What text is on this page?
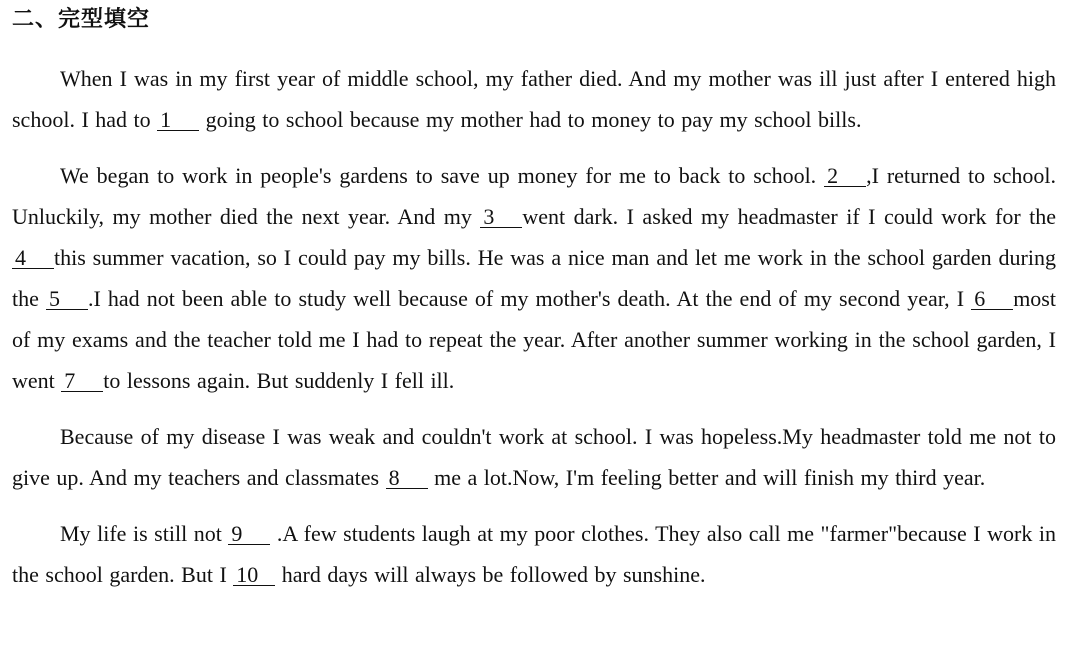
二、完型填空

When I was in my first year of middle school, my father died. And my mother was ill just after I entered high school. I had to 1 going to school because my mother had to money to pay my school bills.

We began to work in people's gardens to save up money for me to back to school. 2 ,I returned to school. Unluckily, my mother died the next year. And my 3 went dark. I asked my headmaster if I could work for the 4 this summer vacation, so I could pay my bills. He was a nice man and let me work in the school garden during the 5 .I had not been able to study well because of my mother's death. At the end of my second year, I 6 most of my exams and the teacher told me I had to repeat the year. After another summer working in the school garden, I went 7 to lessons again. But suddenly I fell ill.

Because of my disease I was weak and couldn't work at school. I was hopeless.My headmaster told me not to give up. And my teachers and classmates 8 me a lot.Now, I'm feeling better and will finish my third year.

My life is still not 9 .A few students laugh at my poor clothes. They also call me "farmer"because I work in the school garden. But I 10 hard days will always be followed by sunshine.
